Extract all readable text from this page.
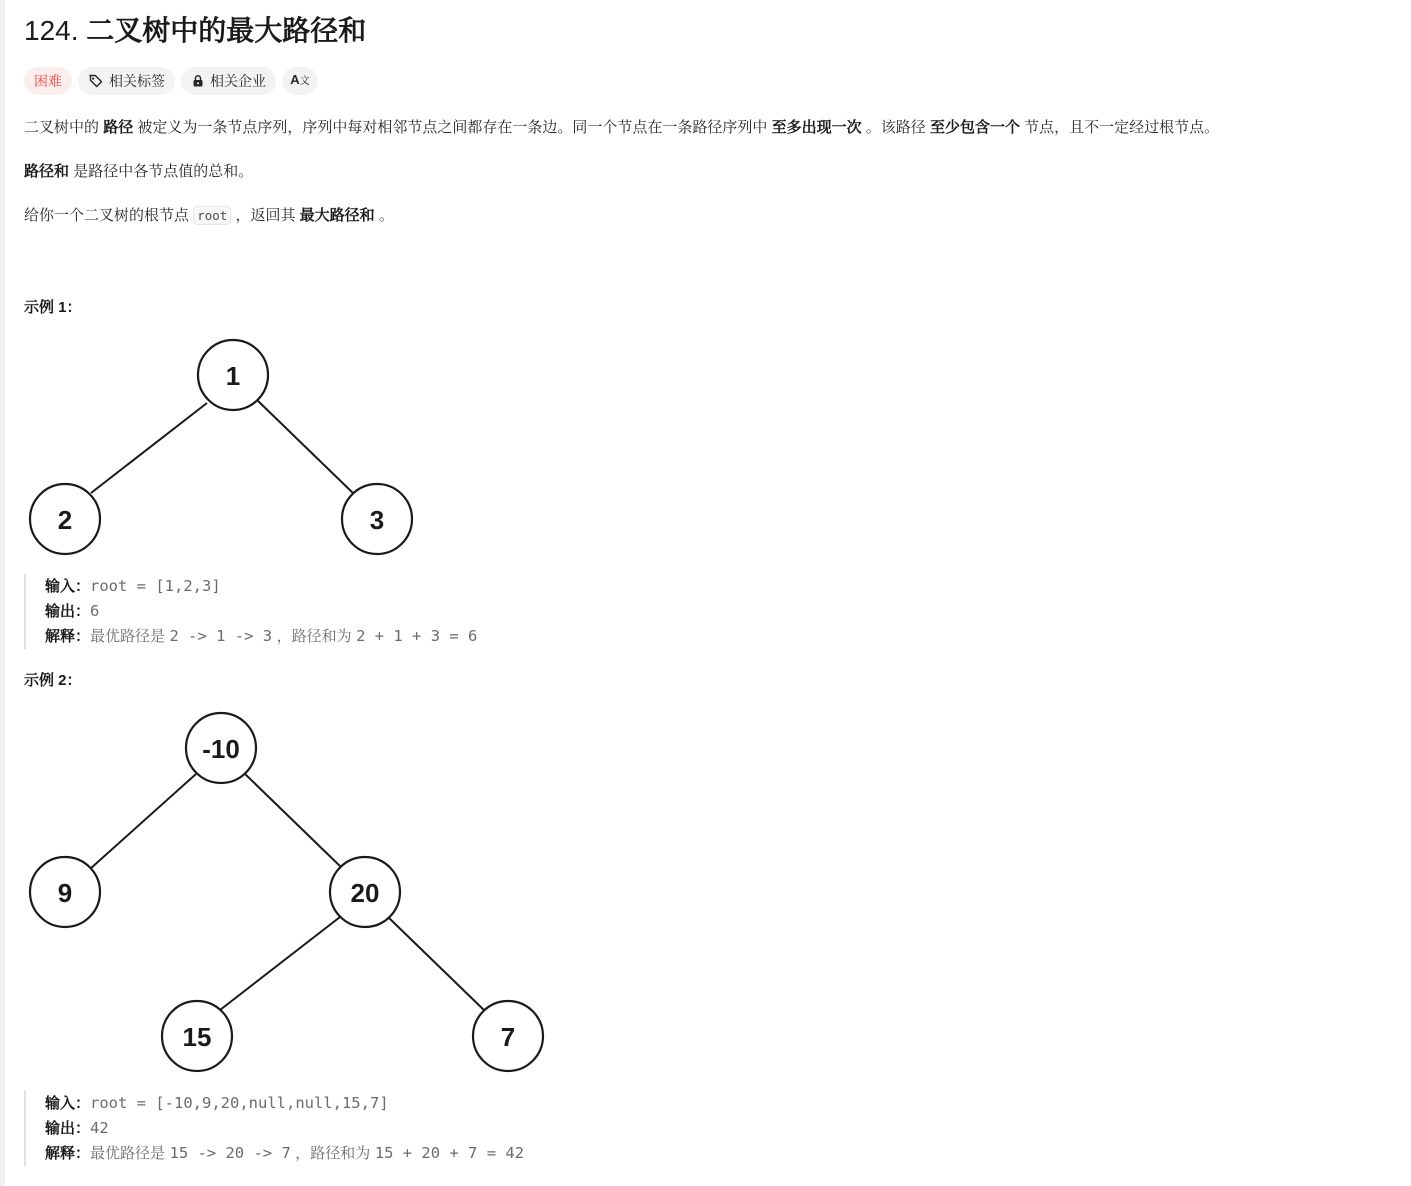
124. 二叉树中的最大路径和
困难	相关标签	相关企业 A文
二叉树中的 路径 被定义为一条节点序列，序列中每对相邻节点之间都存在一条边。同一个节点在一条路径序列中 至多出现一次 。该路径 至少包含一个 节点，且不一定经过根节点。
路径和 是路径中各节点值的总和。
给你一个二叉树的根节点 root ，返回其 最大路径和 。
示例 1：
1
2	3
输入：root = [1,2,3]
输出：6
解释：最优路径是 2 -> 1 -> 3 ，路径和为 2 + 1 + 3 = 6
示例 2：
-10
9	20
15	7
输入：root = [-10,9,20,null,null,15,7]
输出：42
解释：最优路径是 15 -> 20 -> 7 ，路径和为 15 + 20 + 7 = 42
